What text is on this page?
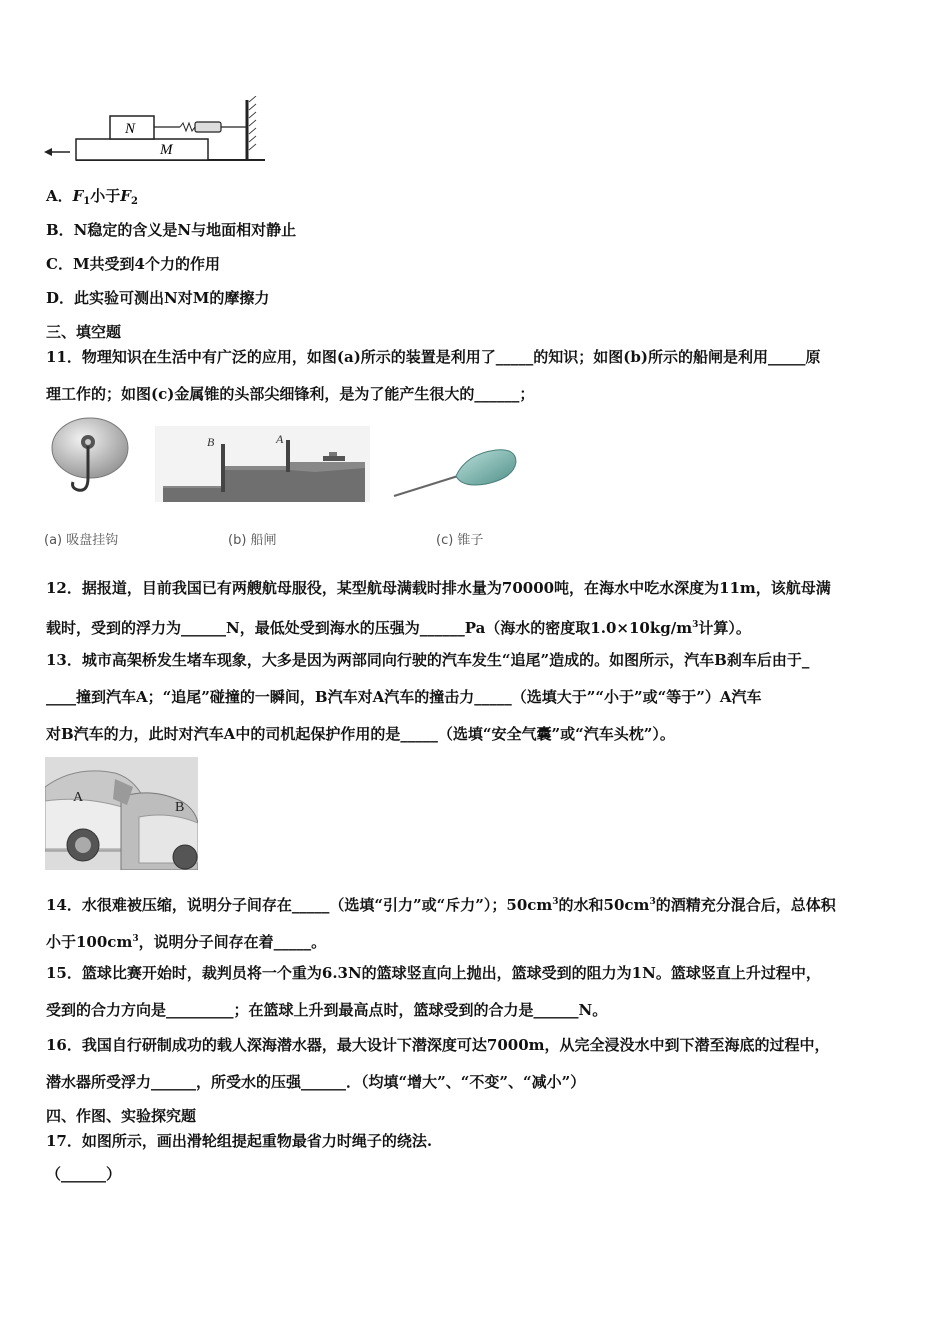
N
M
A．$F_1$小于$F_2$
B．N稳定的含义是N与地面相对静止
C．M共受到4个力的作用
D．此实验可测出N对M的摩擦力
三、填空题
11．物理知识在生活中有广泛的应用，如图(a)所示的装置是利用了_____的知识；如图(b)所示的船闸是利用_____原
理工作的；如图(c)金属锥的头部尖细锋利，是为了能产生很大的______；
B	A
(a) 吸盘挂钩	(b) 船闸	(c) 锥子
12．据报道，目前我国已有两艘航母服役，某型航母满载时排水量为70000吨，在海水中吃水深度为11m，该航母满
载时，受到的浮力为______N，最低处受到海水的压强为______Pa（海水的密度取$1.0\times 10kg/m^3$计算）。
13．城市高架桥发生堵车现象，大多是因为两部同向行驶的汽车发生“追尾”造成的。如图所示，汽车B刹车后由于_
____撞到汽车A；“追尾”碰撞的一瞬间，B汽车对A汽车的撞击力_____（选填大于”“小于”或“等于”）A汽车
对B汽车的力，此时对汽车A中的司机起保护作用的是_____（选填“安全气囊”或“汽车头枕”）。
A
B
14．水很难被压缩，说明分子间存在_____（选填“引力”或“斥力”）；$50cm^3$的水和$50cm^3$的酒精充分混合后，总体积
小于$100cm^3$，说明分子间存在着_____。
15．篮球比赛开始时，裁判员将一个重为6.3N的篮球竖直向上抛出，篮球受到的阻力为1N。篮球竖直上升过程中，
受到的合力方向是_________；在篮球上升到最高点时，篮球受到的合力是______N。
16．我国自行研制成功的载人深海潜水器，最大设计下潜深度可达7000m，从完全浸没水中到下潜至海底的过程中，
潜水器所受浮力______，所受水的压强______．（均填“增大”、“不变”、“减小”）
四、作图、实验探究题
17．如图所示，画出滑轮组提起重物最省力时绳子的绕法.
（______）
